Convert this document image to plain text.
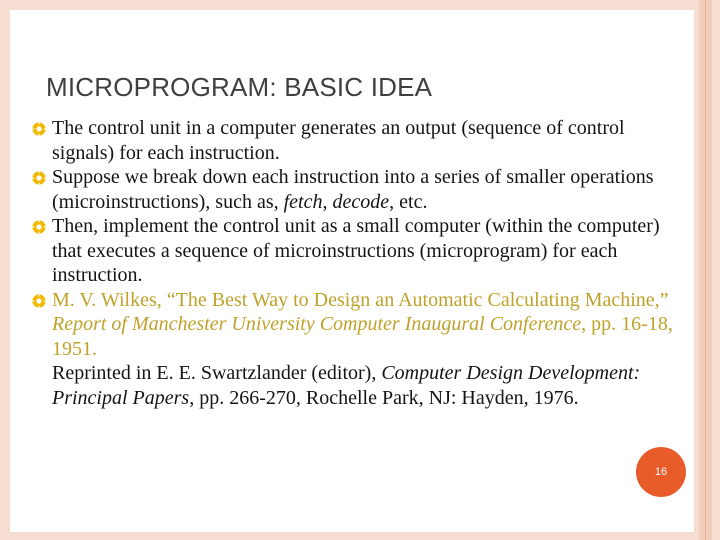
MICROPROGRAM: BASIC IDEA
The control unit in a computer generates an output (sequence of control signals) for each instruction.
Suppose we break down each instruction into a series of smaller operations (microinstructions), such as, fetch, decode, etc.
Then, implement the control unit as a small computer (within the computer) that executes a sequence of microinstructions (microprogram) for each instruction.
M. V. Wilkes, “The Best Way to Design an Automatic Calculating Machine,” Report of Manchester University Computer Inaugural Conference, pp. 16-18, 1951.
Reprinted in E. E. Swartzlander (editor), Computer Design Development: Principal Papers, pp. 266-270, Rochelle Park, NJ: Hayden, 1976.
16
